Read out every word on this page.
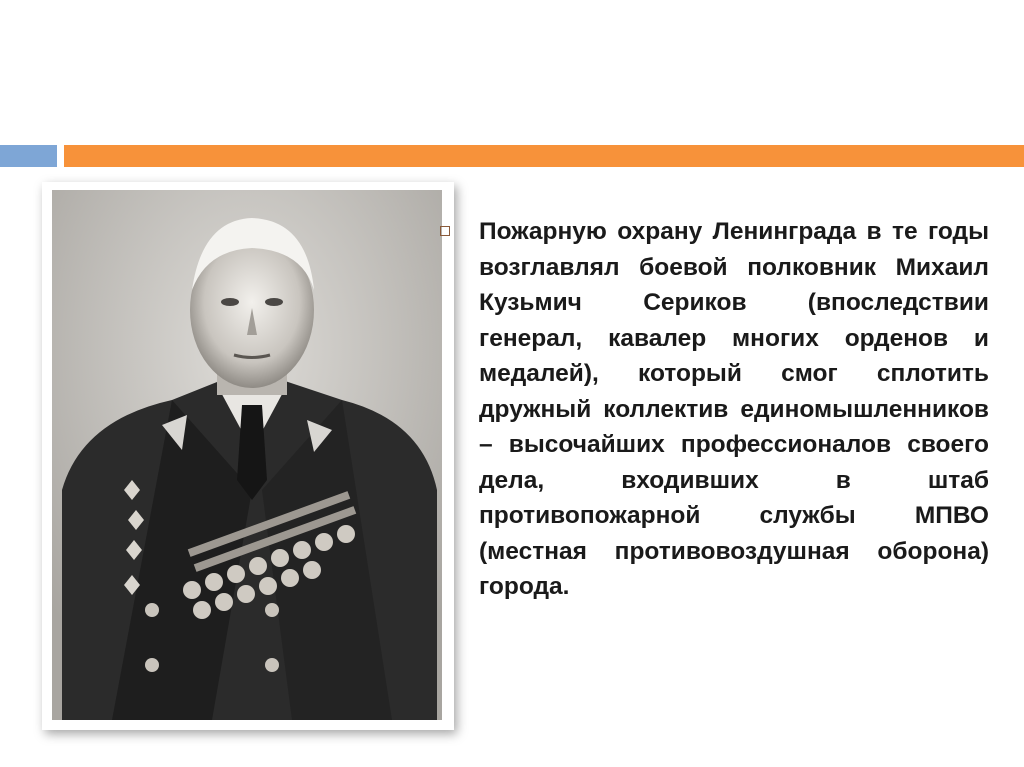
Пожарную охрану Ленинграда в те годы возглавлял боевой полковник Михаил Кузьмич Сериков (впоследствии генерал, кавалер многих орденов и медалей), который смог сплотить дружный коллектив единомышленников – высочайших профессионалов своего дела, входивших в штаб противопожарной службы МПВО (местная противовоздушная оборона) города.
